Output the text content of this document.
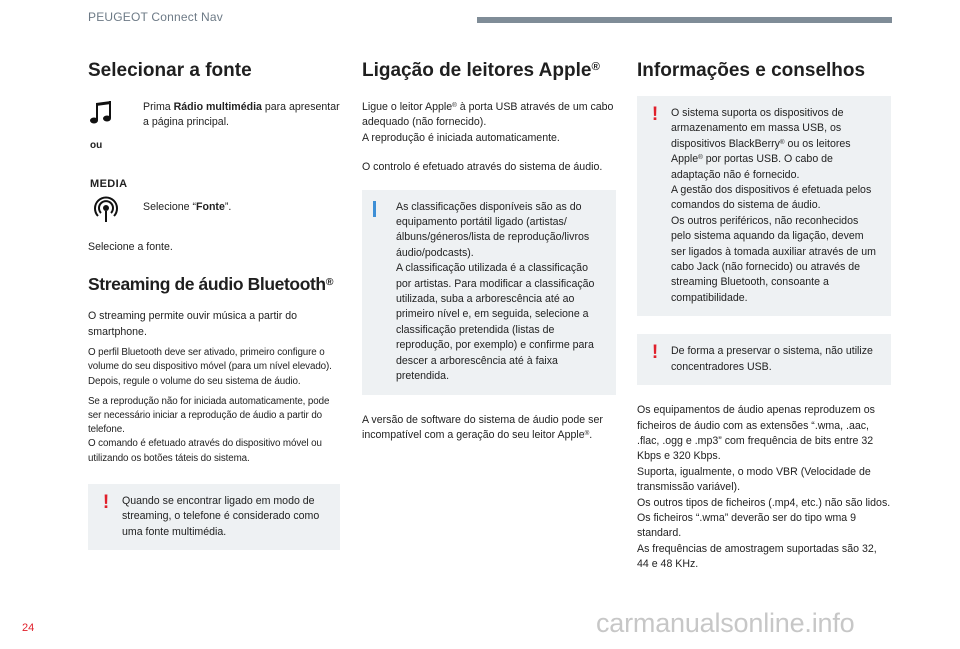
PEUGEOT Connect Nav
Selecionar a fonte
ou
MEDIA

Prima Rádio multimédia para apresentar a página principal.

Selecione “Fonte”.

Selecione a fonte.

Streaming de áudio Bluetooth®

O streaming permite ouvir música a partir do smartphone.

O perfil Bluetooth deve ser ativado, primeiro configure o volume do seu dispositivo móvel (para um nível elevado).
Depois, regule o volume do seu sistema de áudio.

Se a reprodução não for iniciada automaticamente, pode ser necessário iniciar a reprodução de áudio a partir do telefone.
O comando é efetuado através do dispositivo móvel ou utilizando os botões táteis do sistema.

!	Quando se encontrar ligado em modo de streaming, o telefone é considerado como uma fonte multimédia.

Ligação de leitores Apple®

Ligue o leitor Apple® à porta USB através de um cabo adequado (não fornecido).
A reprodução é iniciada automaticamente.

O controlo é efetuado através do sistema de áudio.

As classificações disponíveis são as do equipamento portátil ligado (artistas/ álbuns/géneros/lista de reprodução/livros áudio/podcasts).

A classificação utilizada é a classificação por artistas. Para modificar a classificação utilizada, suba a arborescência até ao primeiro nível e, em seguida, selecione a classificação pretendida (listas de reprodução, por exemplo) e confirme para descer a arborescência até à faixa pretendida.

A versão de software do sistema de áudio pode ser incompatível com a geração do seu leitor Apple®.

Informações e conselhos
!	O sistema suporta os dispositivos de armazenamento em massa USB, os dispositivos BlackBerry® ou os leitores Apple® por portas USB. O cabo de adaptação não é fornecido.

A gestão dos dispositivos é efetuada pelos comandos do sistema de áudio.

Os outros periféricos, não reconhecidos pelo sistema aquando da ligação, devem ser ligados à tomada auxiliar através de um cabo Jack (não fornecido) ou através de streaming Bluetooth, consoante a compatibilidade.

!	De forma a preservar o sistema, não utilize concentradores USB.

Os equipamentos de áudio apenas reproduzem os ficheiros de áudio com as extensões “.wma, .aac, .flac, .ogg e .mp3” com frequência de bits entre 32 Kbps e 320 Kbps.
Suporta, igualmente, o modo VBR (Velocidade de transmissão variável).
Os outros tipos de ficheiros (.mp4, etc.) não são lidos.
Os ficheiros “.wma” deverão ser do tipo wma 9 standard.
As frequências de amostragem suportadas são 32, 44 e 48 KHz.

24	carmanualsonline.info
